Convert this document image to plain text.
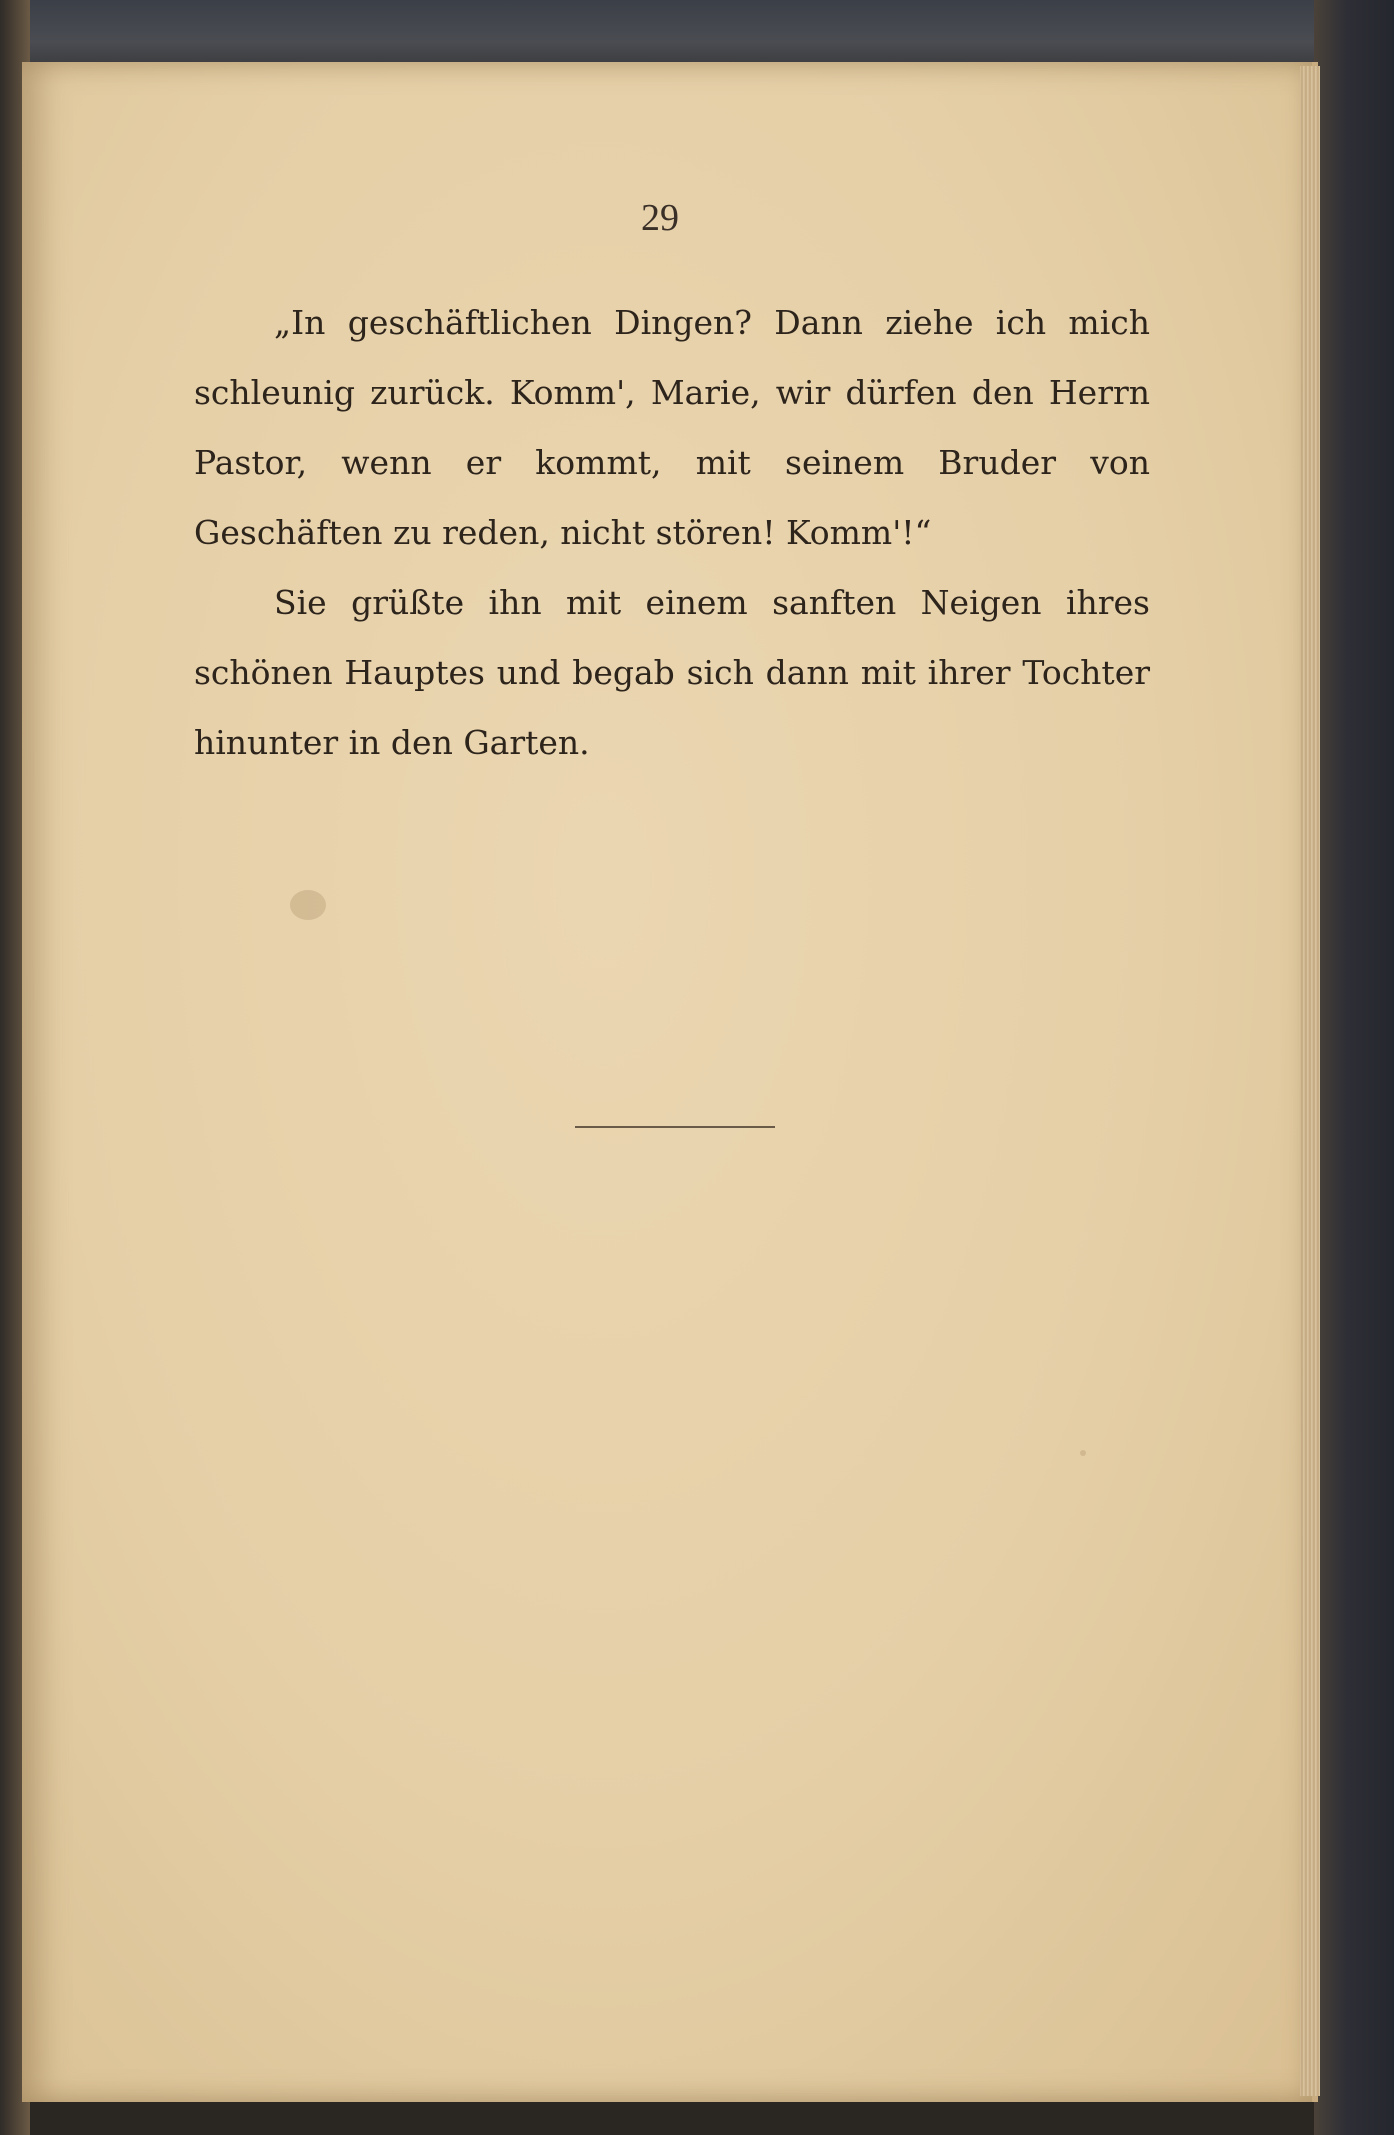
29

„In geschäftlichen Dingen? Dann ziehe ich mich schleunig zurück. Komm', Marie, wir dürfen den Herrn Pastor, wenn er kommt, mit seinem Bruder von Geschäften zu reden, nicht stören! Komm'!“

Sie grüßte ihn mit einem sanften Neigen ihres schönen Hauptes und begab sich dann mit ihrer Tochter hinunter in den Garten.
